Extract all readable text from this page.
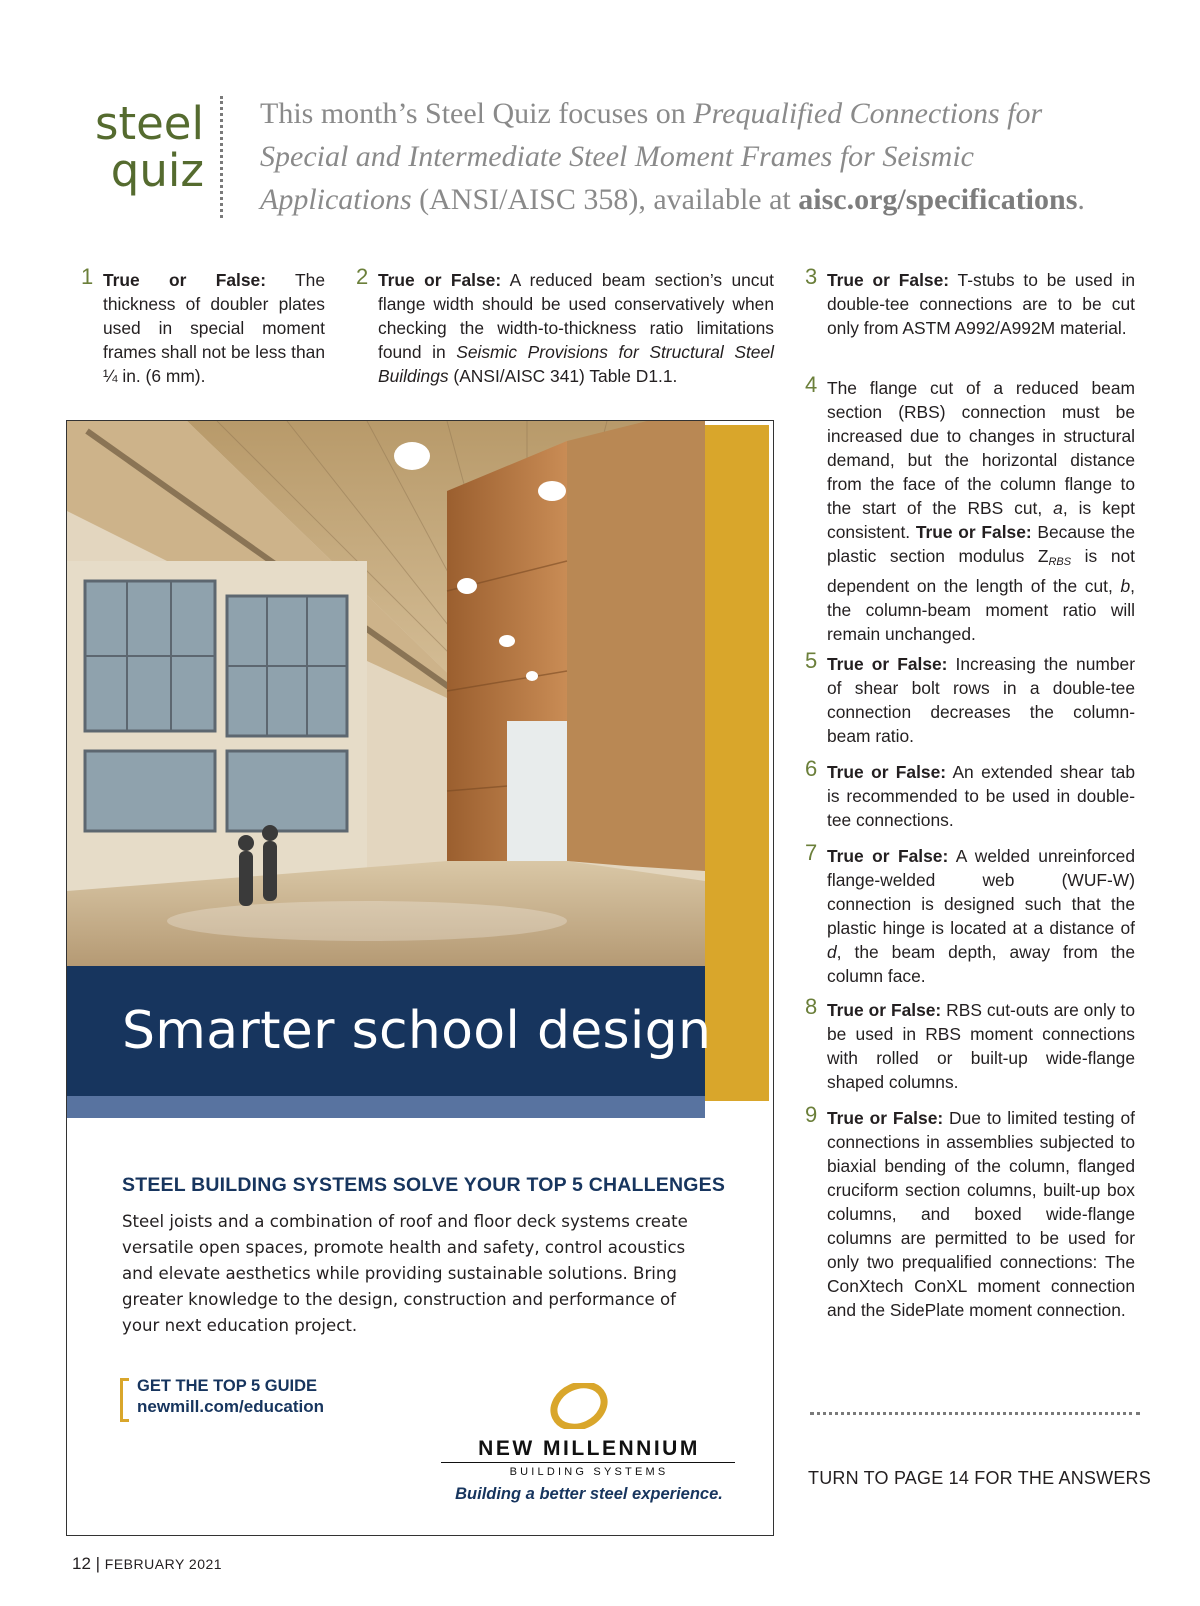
steel
quiz
This month’s Steel Quiz focuses on Prequalified Connections for Special and Intermediate Steel Moment Frames for Seismic Applications (ANSI/AISC 358), available at aisc.org/specifications.
1 True or False: The thickness of doubler plates used in special moment frames shall not be less than ¼ in. (6 mm).
2 True or False: A reduced beam section’s uncut flange width should be used conservatively when checking the width-to-thickness ratio limitations found in Seismic Provisions for Structural Steel Buildings (ANSI/AISC 341) Table D1.1.
3 True or False: T-stubs to be used in double-tee connections are to be cut only from ASTM A992/A992M material.
4 The flange cut of a reduced beam section (RBS) connection must be increased due to changes in structural demand, but the horizontal distance from the face of the column flange to the start of the RBS cut, a, is kept consistent. True or False: Because the plastic section modulus $Z_{RBS}$ is not dependent on the length of the cut, b, the column-beam moment ratio will remain unchanged.
5 True or False: Increasing the number of shear bolt rows in a double-tee connection decreases the column-beam ratio.
6 True or False: An extended shear tab is recommended to be used in double-tee connections.
7 True or False: A welded unreinforced flange-welded web (WUF-W) connection is designed such that the plastic hinge is located at a distance of d, the beam depth, away from the column face.
8 True or False: RBS cut-outs are only to be used in RBS moment connections with rolled or built-up wide-flange shaped columns.
9 True or False: Due to limited testing of connections in assemblies subjected to biaxial bending of the column, flanged cruciform section columns, built-up box columns, and boxed wide-flange columns are permitted to be used for only two prequalified connections: The ConXtech ConXL moment connection and the SidePlate moment connection.
Smarter school design
STEEL BUILDING SYSTEMS SOLVE YOUR TOP 5 CHALLENGES
Steel joists and a combination of roof and floor deck systems create versatile open spaces, promote health and safety, control acoustics and elevate aesthetics while providing sustainable solutions. Bring greater knowledge to the design, construction and performance of your next education project.
GET THE TOP 5 GUIDE
newmill.com/education
NEW MILLENNIUM
BUILDING SYSTEMS
Building a better steel experience.
TURN TO PAGE 14 FOR THE ANSWERS
12 | FEBRUARY 2021
